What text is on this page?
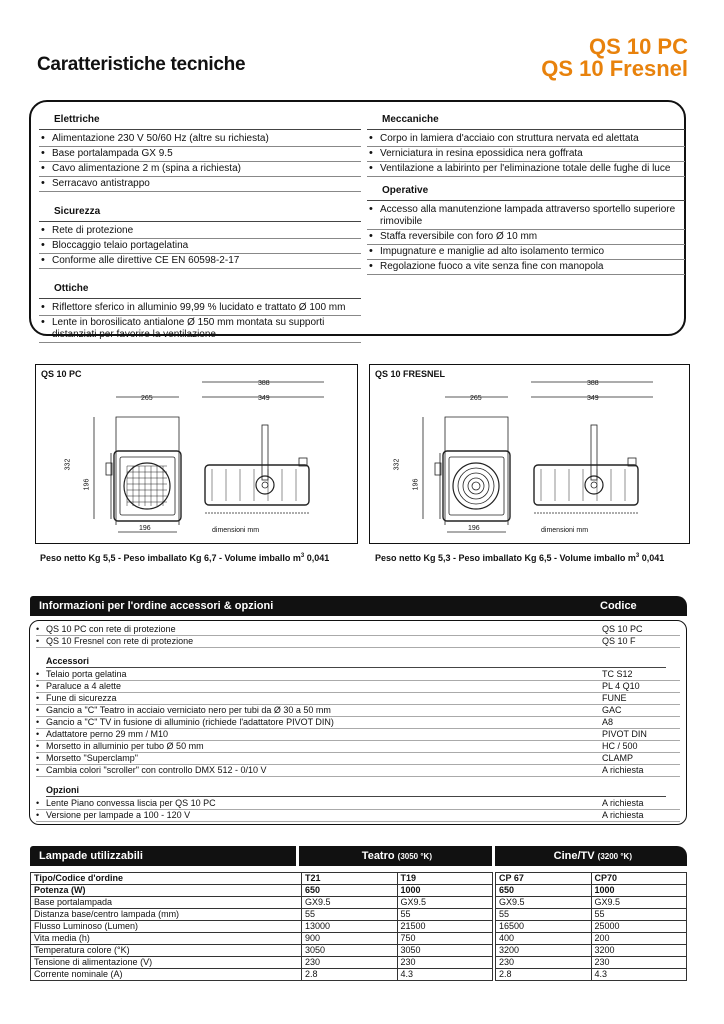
Caratteristiche tecniche
QS 10 PC
QS 10 Fresnel
Elettriche
• Alimentazione 230 V 50/60 Hz (altre su richiesta)
• Base portalampada GX 9.5
• Cavo alimentazione 2 m (spina a richiesta)
• Serracavo antistrappo
Sicurezza
• Rete di protezione
• Bloccaggio telaio portagelatina
• Conforme alle direttive CE EN 60598-2-17
Ottiche
• Riflettore sferico in alluminio 99,99 % lucidato e trattato Ø 100 mm
• Lente in borosilicato antialone Ø 150 mm montata su supporti distanziati per favorire la ventilazione
Meccaniche
• Corpo in lamiera d'acciaio con struttura nervata ed alettata
• Verniciatura in resina epossidica nera goffrata
• Ventilazione a labirinto per l'eliminazione totale delle fughe di luce
Operative
• Accesso alla manutenzione lampada attraverso sportello superiore rimovibile
• Staffa reversibile con foro Ø 10 mm
• Impugnature e maniglie ad alto isolamento termico
• Regolazione fuoco a vite senza fine con manopola
QS 10 PC
388
265	349
332
196
196	dimensioni mm
QS 10 FRESNEL
388
265	349
332
196
196	dimensioni mm
Peso netto Kg 5,5 - Peso imballato Kg 6,7 - Volume imballo $m^3$ 0,041	Peso netto Kg 5,3 - Peso imballato Kg 6,5 - Volume imballo $m^3$ 0,041
Informazioni per l'ordine accessori & opzioni	Codice
• QS 10 PC con rete di protezione	QS 10 PC
• QS 10 Fresnel con rete di protezione	QS 10 F
Accessori
• Telaio porta gelatina	TC S12
• Paraluce a 4 alette	PL 4 Q10
• Fune di sicurezza	FUNE
• Gancio a "C" Teatro in acciaio verniciato nero per tubi da Ø 30 a 50 mm	GAC
• Gancio a "C" TV in fusione di alluminio (richiede l'adattatore PIVOT DIN)	A8
• Adattatore perno 29 mm / M10	PIVOT DIN
• Morsetto in alluminio per tubo Ø 50 mm	HC / 500
• Morsetto "Superclamp"	CLAMP
• Cambia colori "scroller" con controllo DMX 512 - 0/10 V	A richiesta
Opzioni
• Lente Piano convessa liscia per QS 10 PC	A richiesta
• Versione per lampade a 100 - 120 V	A richiesta
Lampade utilizzabili	Teatro (3050 °K)	Cine/TV (3200 °K)
Tipo/Codice d'ordine	T21	T19		CP 67	CP70
Potenza (W)	650	1000		650	1000
Base portalampada	GX9.5	GX9.5		GX9.5	GX9.5
Distanza base/centro lampada (mm)	55	55		55	55
Flusso Luminoso (Lumen)	13000	21500		16500	25000
Vita media (h)	900	750		400	200
Temperatura colore (°K)	3050	3050		3200	3200
Tensione di alimentazione (V)	230	230		230	230
Corrente nominale (A)	2.8	4.3		2.8	4.3
